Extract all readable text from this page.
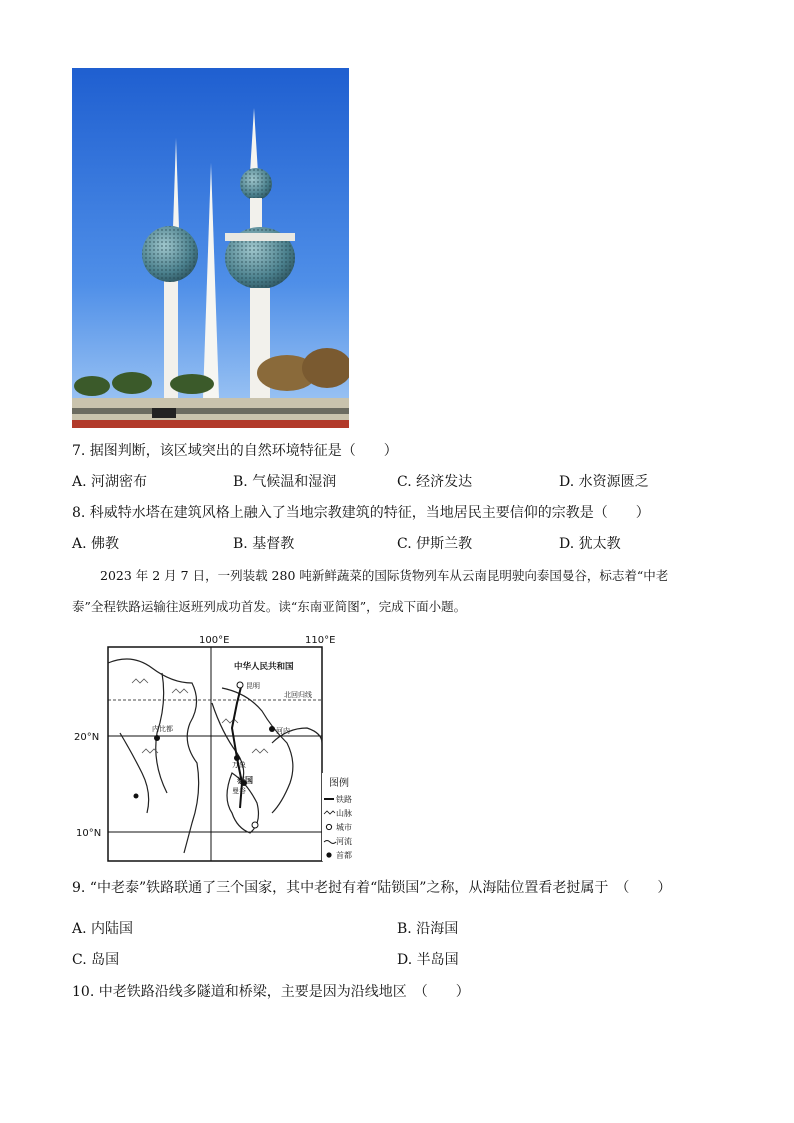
7. 据图判断，该区域突出的自然环境特征是（　　）
A. 河湖密布	B. 气候温和湿润	C. 经济发达	D. 水资源匮乏
8. 科威特水塔在建筑风格上融入了当地宗教建筑的特征，当地居民主要信仰的宗教是（　　）
A. 佛教	B. 基督教	C. 伊斯兰教	D. 犹太教
2023 年 2 月 7 日，一列装载 280 吨新鲜蔬菜的国际货物列车从云南昆明驶向泰国曼谷，标志着“中老
泰”全程铁路运输往返班列成功首发。读“东南亚简图”，完成下面小题。
100°E	110°E
20°N
10°N
中华人民共和国
北回归线
昆明
河内
万象
曼谷
泰国
内比都
图例
铁路
山脉
城市
河流
首都
9. “中老泰”铁路联通了三个国家，其中老挝有着“陆锁国”之称，从海陆位置看老挝属于　（　　）
A. 内陆国	B. 沿海国
C. 岛国	D. 半岛国
10. 中老铁路沿线多隧道和桥梁，主要是因为沿线地区　（　　）
